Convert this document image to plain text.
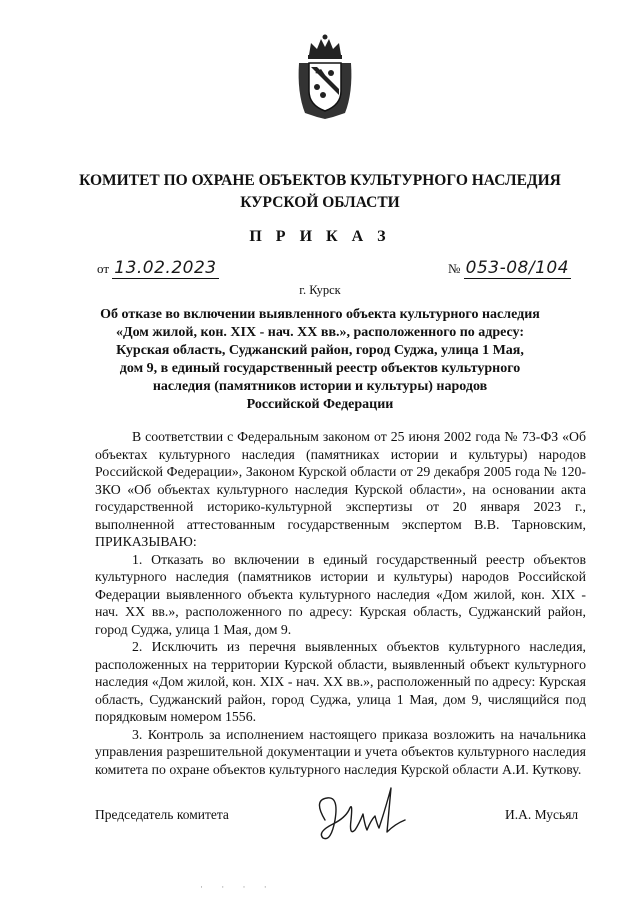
КОМИТЕТ ПО ОХРАНЕ ОБЪЕКТОВ КУЛЬТУРНОГО НАСЛЕДИЯ
КУРСКОЙ ОБЛАСТИ
П Р И К А З
от 13.02.2023	№ 053-08/104
г. Курск
Об отказе во включении выявленного объекта культурного наследия
«Дом жилой, кон. XIX - нач. XX вв.», расположенного по адресу:
Курская область, Суджанский район, город Суджа, улица 1 Мая,
дом 9, в единый государственный реестр объектов культурного
наследия (памятников истории и культуры) народов
Российской Федерации

В соответствии с Федеральным законом от 25 июня 2002 года № 73-ФЗ «Об объектах культурного наследия (памятниках истории и культуры) народов Российской Федерации», Законом Курской области от 29 декабря 2005 года № 120-ЗКО «Об объектах культурного наследия Курской области», на основании акта государственной историко-культурной экспертизы от 20 января 2023 г., выполненной аттестованным государственным экспертом В.В. Тарновским, ПРИКАЗЫВАЮ:

1. Отказать во включении в единый государственный реестр объектов культурного наследия (памятников истории и культуры) народов Российской Федерации выявленного объекта культурного наследия «Дом жилой, кон. XIX - нач. XX вв.», расположенного по адресу: Курская область, Суджанский район, город Суджа, улица 1 Мая, дом 9.

2. Исключить из перечня выявленных объектов культурного наследия, расположенных на территории Курской области, выявленный объект культурного наследия «Дом жилой, кон. XIX - нач. XX вв.», расположенный по адресу: Курская область, Суджанский район, город Суджа, улица 1 Мая, дом 9, числящийся под порядковым номером 1556.

3. Контроль за исполнением настоящего приказа возложить на начальника управления разрешительной документации и учета объектов культурного наследия комитета по охране объектов культурного наследия Курской области А.И. Куткову.

Председатель комитета	И.А. Мусьял
· · · ·
